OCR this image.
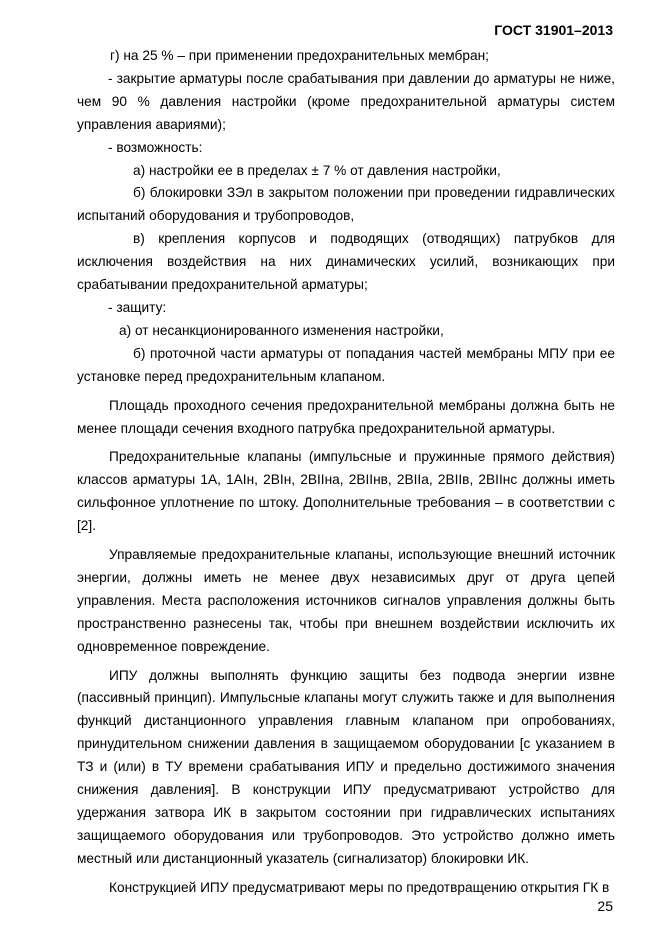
ГОСТ 31901–2013

г) на 25 % – при применении предохранительных мембран;

- закрытие арматуры после срабатывания при давлении до арматуры не ниже, чем 90 % давления настройки (кроме предохранительной арматуры систем управления авариями);

- возможность:

а) настройки ее в пределах ± 7 % от давления настройки,

б) блокировки ЗЭл в закрытом положении при проведении гидравлических испытаний оборудования и трубопроводов,

в) крепления корпусов и подводящих (отводящих) патрубков для исключения воздействия на них динамических усилий, возникающих при срабатывании предохранительной арматуры;

- защиту:

а) от несанкционированного изменения настройки,

б) проточной части арматуры от попадания частей мембраны МПУ при ее установке перед предохранительным клапаном.

Площадь проходного сечения предохранительной мембраны должна быть не менее площади сечения входного патрубка предохранительной арматуры.

Предохранительные клапаны (импульсные и пружинные прямого действия) классов арматуры 1А, 1АIн, 2ВIн, 2ВIIна, 2ВIIнв, 2ВIIа, 2ВIIв, 2ВIIнс должны иметь сильфонное уплотнение по штоку. Дополнительные требования – в соответствии с [2].

Управляемые предохранительные клапаны, использующие внешний источник энергии, должны иметь не менее двух независимых друг от друга цепей управления. Места расположения источников сигналов управления должны быть пространственно разнесены так, чтобы при внешнем воздействии исключить их одновременное повреждение.

ИПУ должны выполнять функцию защиты без подвода энергии извне (пассивный принцип). Импульсные клапаны могут служить также и для выполнения функций дистанционного управления главным клапаном при опробованиях, принудительном снижении давления в защищаемом оборудовании [с указанием в ТЗ и (или) в ТУ времени срабатывания ИПУ и предельно достижимого значения снижения давления]. В конструкции ИПУ предусматривают устройство для удержания затвора ИК в закрытом состоянии при гидравлических испытаниях защищаемого оборудования или трубопроводов. Это устройство должно иметь местный или дистанционный указатель (сигнализатор) блокировки ИК.

Конструкцией ИПУ предусматривают меры по предотвращению открытия ГК в

25
